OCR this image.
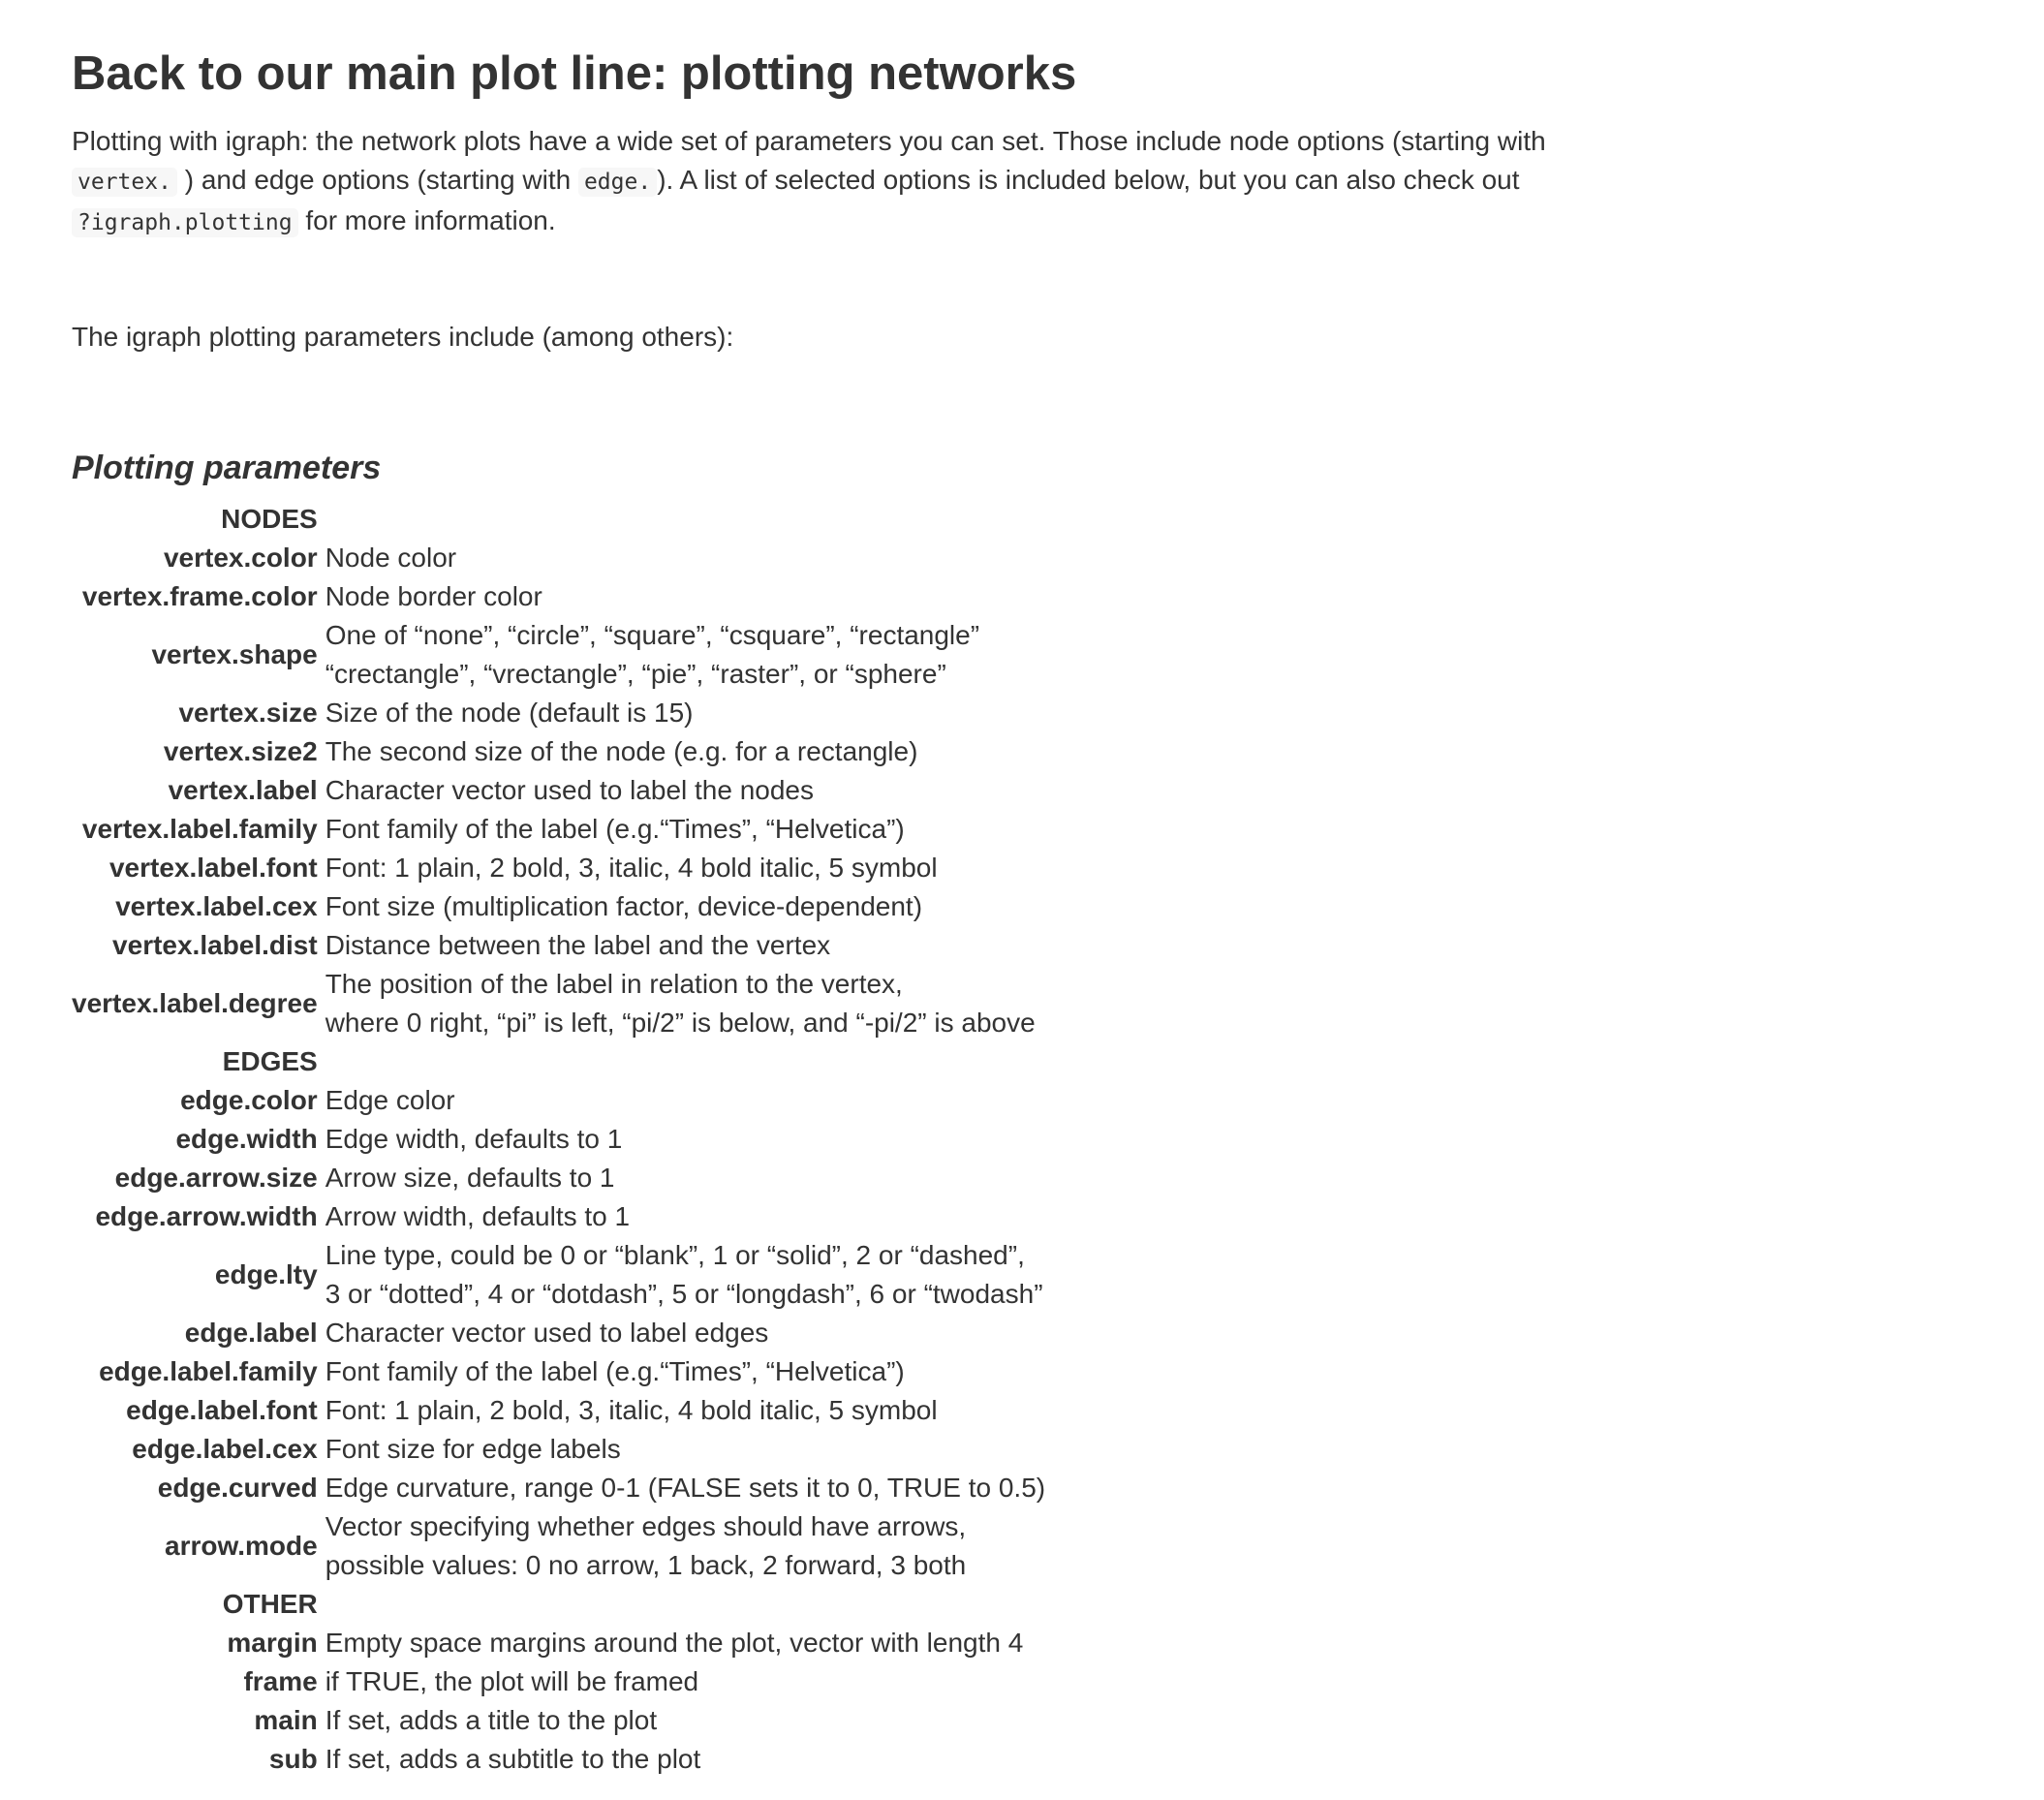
Back to our main plot line: plotting networks

Plotting with igraph: the network plots have a wide set of parameters you can set. Those include node options (starting with
vertex. ) and edge options (starting with edge. ). A list of selected options is included below, but you can also check out
?igraph.plotting for more information.

The igraph plotting parameters include (among others):

Plotting parameters
NODES	
vertex.color	Node color

vertex.frame.color	Node border color

vertex.shape	One of “none”, “circle”, “square”, “csquare”, “rectangle”
“crectangle”, “vrectangle”, “pie”, “raster”, or “sphere”

vertex.size	Size of the node (default is 15)

vertex.size2	The second size of the node (e.g. for a rectangle)

vertex.label	Character vector used to label the nodes

vertex.label.family	Font family of the label (e.g.“Times”, “Helvetica”)

vertex.label.font	Font: 1 plain, 2 bold, 3, italic, 4 bold italic, 5 symbol

vertex.label.cex	Font size (multiplication factor, device-dependent)

vertex.label.dist	Distance between the label and the vertex

vertex.label.degree	The position of the label in relation to the vertex,
where 0 right, “pi” is left, “pi/2” is below, and “-pi/2” is above

EDGES	
edge.color	Edge color

edge.width	Edge width, defaults to 1

edge.arrow.size	Arrow size, defaults to 1

edge.arrow.width	Arrow width, defaults to 1

edge.lty	Line type, could be 0 or “blank”, 1 or “solid”, 2 or “dashed”,
3 or “dotted”, 4 or “dotdash”, 5 or “longdash”, 6 or “twodash”

edge.label	Character vector used to label edges

edge.label.family	Font family of the label (e.g.“Times”, “Helvetica”)

edge.label.font	Font: 1 plain, 2 bold, 3, italic, 4 bold italic, 5 symbol

edge.label.cex	Font size for edge labels

edge.curved	Edge curvature, range 0-1 (FALSE sets it to 0, TRUE to 0.5)

arrow.mode	Vector specifying whether edges should have arrows,
possible values: 0 no arrow, 1 back, 2 forward, 3 both

OTHER	
margin	Empty space margins around the plot, vector with length 4

frame	if TRUE, the plot will be framed

main	If set, adds a title to the plot

sub	If set, adds a subtitle to the plot
